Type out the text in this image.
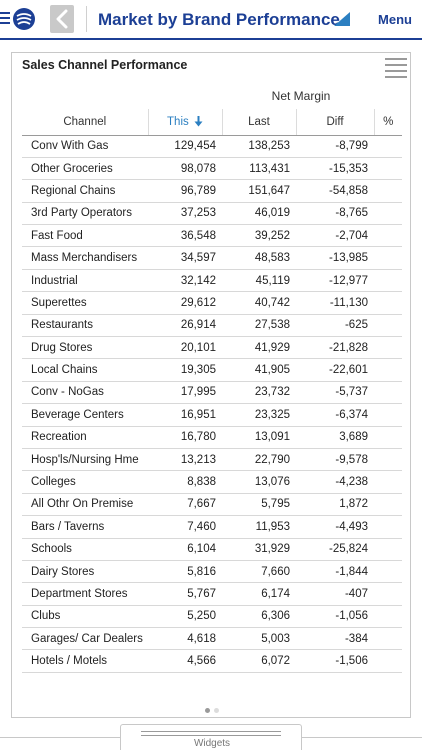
Market by Brand Performance	Menu
Sales Channel Performance
Net Margin
Channel	This	Last	Diff	%
Conv With Gas	129,454	138,253	-8,799	
Other Groceries	98,078	113,431	-15,353	
Regional Chains	96,789	151,647	-54,858	
3rd Party Operators	37,253	46,019	-8,765	
Fast Food	36,548	39,252	-2,704	
Mass Merchandisers	34,597	48,583	-13,985	
Industrial	32,142	45,119	-12,977	
Superettes	29,612	40,742	-11,130	
Restaurants	26,914	27,538	-625	
Drug Stores	20,101	41,929	-21,828	
Local Chains	19,305	41,905	-22,601	
Conv - NoGas	17,995	23,732	-5,737	
Beverage Centers	16,951	23,325	-6,374	
Recreation	16,780	13,091	3,689	
Hosp'ls/Nursing Hme	13,213	22,790	-9,578	
Colleges	8,838	13,076	-4,238	
All Othr On Premise	7,667	5,795	1,872	
Bars / Taverns	7,460	11,953	-4,493	
Schools	6,104	31,929	-25,824	
Dairy Stores	5,816	7,660	-1,844	
Department Stores	5,767	6,174	-407	
Clubs	5,250	6,306	-1,056	
Garages/ Car Dealers	4,618	5,003	-384	
Hotels / Motels	4,566	6,072	-1,506	
Widgets
